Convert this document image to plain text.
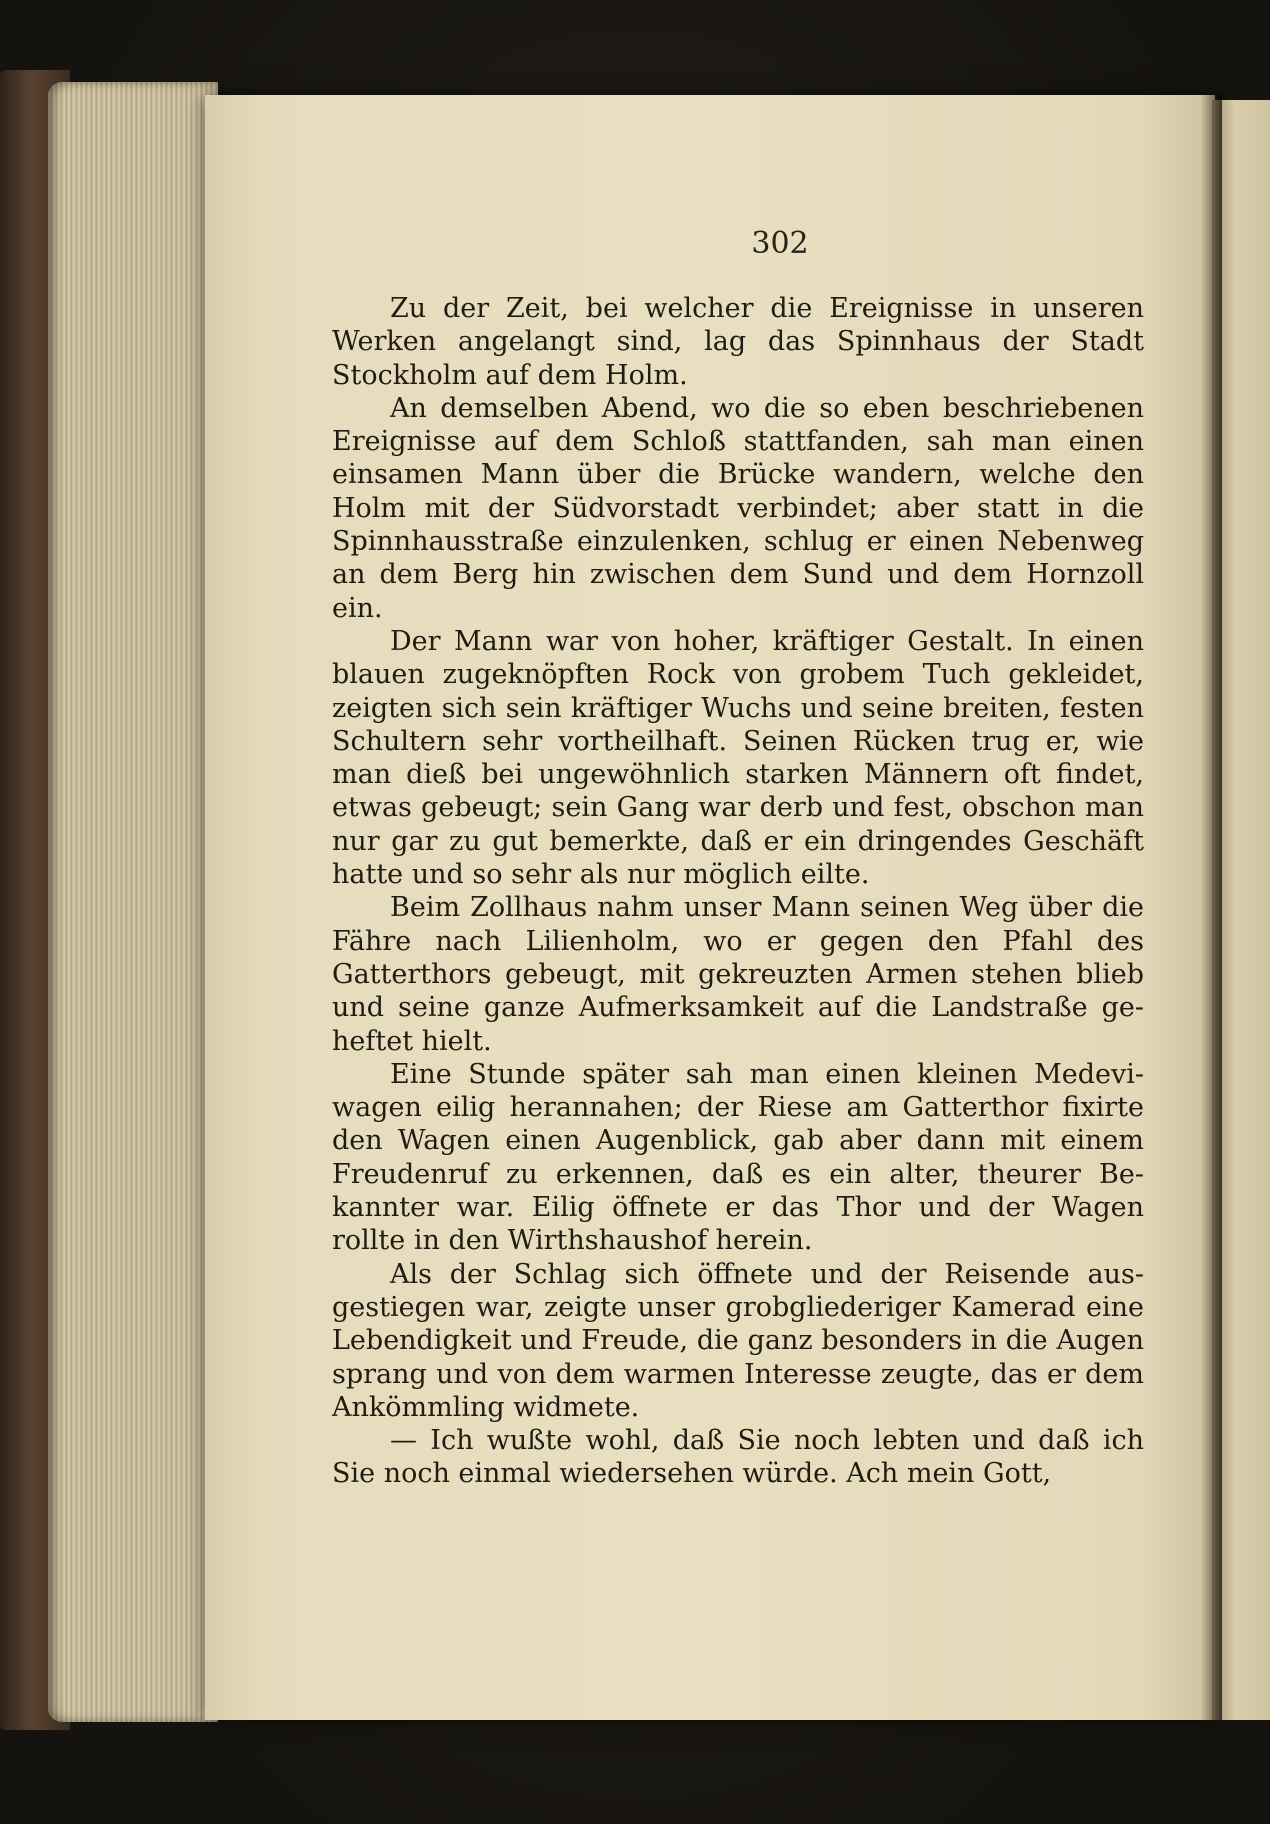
302

Zu der Zeit, bei welcher die Ereignisse in unseren Werken angelangt sind, lag das Spinnhaus der Stadt Stockholm auf dem Holm.

An demselben Abend, wo die so eben beschriebenen Ereignisse auf dem Schloß stattfanden, sah man einen einsamen Mann über die Brücke wandern, welche den Holm mit der Südvorstadt verbindet; aber statt in die Spinnhausstraße einzulenken, schlug er einen Nebenweg an dem Berg hin zwischen dem Sund und dem Hornzoll ein.

Der Mann war von hoher, kräftiger Gestalt. In einen blauen zugeknöpften Rock von grobem Tuch gekleidet, zeigten sich sein kräftiger Wuchs und seine breiten, festen Schultern sehr vortheilhaft. Seinen Rücken trug er, wie man dieß bei ungewöhnlich starken Männern oft findet, etwas gebeugt; sein Gang war derb und fest, obschon man nur gar zu gut bemerkte, daß er ein dringendes Geschäft hatte und so sehr als nur möglich eilte.

Beim Zollhaus nahm unser Mann seinen Weg über die Fähre nach Lilienholm, wo er gegen den Pfahl des Gatterthors gebeugt, mit gekreuzten Armen stehen blieb und seine ganze Aufmerksamkeit auf die Landstraße geheftet hielt.

Eine Stunde später sah man einen kleinen Medeviwagen eilig herannahen; der Riese am Gatterthor fixirte den Wagen einen Augenblick, gab aber dann mit einem Freudenruf zu erkennen, daß es ein alter, theurer Bekannter war. Eilig öffnete er das Thor und der Wagen rollte in den Wirthshaushof herein.

Als der Schlag sich öffnete und der Reisende ausgestiegen war, zeigte unser grobgliederiger Kamerad eine Lebendigkeit und Freude, die ganz besonders in die Augen sprang und von dem warmen Interesse zeugte, das er dem Ankömmling widmete.

— Ich wußte wohl, daß Sie noch lebten und daß ich Sie noch einmal wiedersehen würde. Ach mein Gott,
